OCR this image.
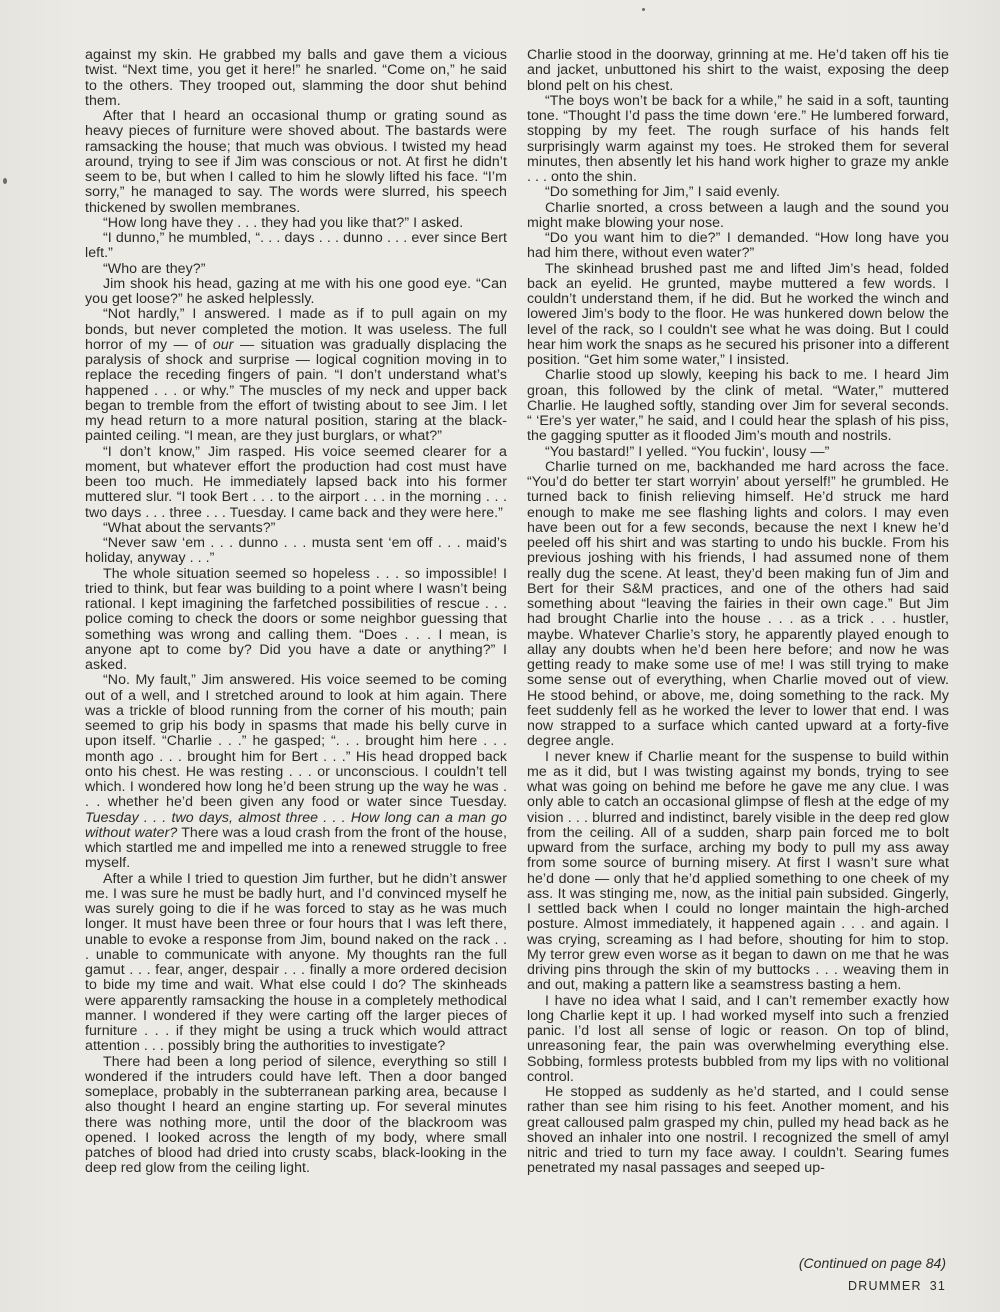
against my skin. He grabbed my balls and gave them a vicious twist. “Next time, you get it here!” he snarled. “Come on,” he said to the others. They trooped out, slamming the door shut behind them.

After that I heard an occasional thump or grating sound as heavy pieces of furniture were shoved about. The bastards were ramsacking the house; that much was obvious. I twisted my head around, trying to see if Jim was conscious or not. At first he didn’t seem to be, but when I called to him he slowly lifted his face. “I’m sorry,” he managed to say. The words were slurred, his speech thickened by swollen membranes.

“How long have they . . . they had you like that?” I asked.

“I dunno,” he mumbled, “. . . days . . . dunno . . . ever since Bert left.”

“Who are they?”

Jim shook his head, gazing at me with his one good eye. “Can you get loose?” he asked helplessly.

“Not hardly,” I answered. I made as if to pull again on my bonds, but never completed the motion. It was useless. The full horror of my — of our — situation was gradually displacing the paralysis of shock and surprise — logical cognition moving in to replace the receding fingers of pain. “I don’t understand what’s happened . . . or why.” The muscles of my neck and upper back began to tremble from the effort of twisting about to see Jim. I let my head return to a more natural position, staring at the black-painted ceiling. “I mean, are they just burglars, or what?”

“I don’t know,” Jim rasped. His voice seemed clearer for a moment, but whatever effort the production had cost must have been too much. He immediately lapsed back into his former muttered slur. “I took Bert . . . to the airport . . . in the morning . . . two days . . . three . . . Tuesday. I came back and they were here.”

“What about the servants?”

“Never saw ‘em . . . dunno . . . musta sent ‘em off . . . maid’s holiday, anyway . . .”

The whole situation seemed so hopeless . . . so impossible! I tried to think, but fear was building to a point where I wasn’t being rational. I kept imagining the farfetched possibilities of rescue . . . police coming to check the doors or some neighbor guessing that something was wrong and calling them. “Does . . . I mean, is anyone apt to come by? Did you have a date or anything?” I asked.

“No. My fault,” Jim answered. His voice seemed to be coming out of a well, and I stretched around to look at him again. There was a trickle of blood running from the corner of his mouth; pain seemed to grip his body in spasms that made his belly curve in upon itself. “Charlie . . .” he gasped; “. . . brought him here . . . month ago . . . brought him for Bert . . .” His head dropped back onto his chest. He was resting . . . or unconscious. I couldn’t tell which. I wondered how long he’d been strung up the way he was . . . whether he’d been given any food or water since Tuesday. Tuesday . . . two days, almost three . . . How long can a man go without water? There was a loud crash from the front of the house, which startled me and impelled me into a renewed struggle to free myself.

After a while I tried to question Jim further, but he didn’t answer me. I was sure he must be badly hurt, and I’d convinced myself he was surely going to die if he was forced to stay as he was much longer. It must have been three or four hours that I was left there, unable to evoke a response from Jim, bound naked on the rack . . . unable to communicate with anyone. My thoughts ran the full gamut . . . fear, anger, despair . . . finally a more ordered decision to bide my time and wait. What else could I do? The skinheads were apparently ramsacking the house in a completely methodical manner. I wondered if they were carting off the larger pieces of furniture . . . if they might be using a truck which would attract attention . . . possibly bring the authorities to investigate?

There had been a long period of silence, everything so still I wondered if the intruders could have left. Then a door banged someplace, probably in the subterranean parking area, because I also thought I heard an engine starting up. For several minutes there was nothing more, until the door of the blackroom was opened. I looked across the length of my body, where small patches of blood had dried into crusty scabs, black-looking in the deep red glow from the ceiling light.

Charlie stood in the doorway, grinning at me. He’d taken off his tie and jacket, unbuttoned his shirt to the waist, exposing the deep blond pelt on his chest.

“The boys won’t be back for a while,” he said in a soft, taunting tone. “Thought I’d pass the time down ‘ere.” He lumbered forward, stopping by my feet. The rough surface of his hands felt surprisingly warm against my toes. He stroked them for several minutes, then absently let his hand work higher to graze my ankle . . . onto the shin.

“Do something for Jim,” I said evenly.

Charlie snorted, a cross between a laugh and the sound you might make blowing your nose.

“Do you want him to die?” I demanded. “How long have you had him there, without even water?”

The skinhead brushed past me and lifted Jim’s head, folded back an eyelid. He grunted, maybe muttered a few words. I couldn’t understand them, if he did. But he worked the winch and lowered Jim’s body to the floor. He was hunkered down below the level of the rack, so I couldn't see what he was doing. But I could hear him work the snaps as he secured his prisoner into a different position. “Get him some water,” I insisted.

Charlie stood up slowly, keeping his back to me. I heard Jim groan, this followed by the clink of metal. “Water,” muttered Charlie. He laughed softly, standing over Jim for several seconds. “ ‘Ere’s yer water,” he said, and I could hear the splash of his piss, the gagging sputter as it flooded Jim’s mouth and nostrils.

“You bastard!” I yelled. “You fuckin‘, lousy —”

Charlie turned on me, backhanded me hard across the face. “You’d do better ter start worryin’ about yerself!” he grumbled. He turned back to finish relieving himself. He’d struck me hard enough to make me see flashing lights and colors. I may even have been out for a few seconds, because the next I knew he’d peeled off his shirt and was starting to undo his buckle. From his previous joshing with his friends, I had assumed none of them really dug the scene. At least, they’d been making fun of Jim and Bert for their S&M practices, and one of the others had said something about “leaving the fairies in their own cage.” But Jim had brought Charlie into the house . . . as a trick . . . hustler, maybe. Whatever Charlie’s story, he apparently played enough to allay any doubts when he’d been here before; and now he was getting ready to make some use of me! I was still trying to make some sense out of everything, when Charlie moved out of view. He stood behind, or above, me, doing something to the rack. My feet suddenly fell as he worked the lever to lower that end. I was now strapped to a surface which canted upward at a forty-five degree angle.

I never knew if Charlie meant for the suspense to build within me as it did, but I was twisting against my bonds, trying to see what was going on behind me before he gave me any clue. I was only able to catch an occasional glimpse of flesh at the edge of my vision . . . blurred and indistinct, barely visible in the deep red glow from the ceiling. All of a sudden, sharp pain forced me to bolt upward from the surface, arching my body to pull my ass away from some source of burning misery. At first I wasn’t sure what he’d done — only that he’d applied something to one cheek of my ass. It was stinging me, now, as the initial pain subsided. Gingerly, I settled back when I could no longer maintain the high-arched posture. Almost immediately, it happened again . . . and again. I was crying, screaming as I had before, shouting for him to stop. My terror grew even worse as it began to dawn on me that he was driving pins through the skin of my buttocks . . . weaving them in and out, making a pattern like a seamstress basting a hem.

I have no idea what I said, and I can’t remember exactly how long Charlie kept it up. I had worked myself into such a frenzied panic. I’d lost all sense of logic or reason. On top of blind, unreasoning fear, the pain was overwhelming everything else. Sobbing, formless protests bubbled from my lips with no volitional control.

He stopped as suddenly as he’d started, and I could sense rather than see him rising to his feet. Another moment, and his great calloused palm grasped my chin, pulled my head back as he shoved an inhaler into one nostril. I recognized the smell of amyl nitric and tried to turn my face away. I couldn’t. Searing fumes penetrated my nasal passages and seeped up-

(Continued on page 84)
DRUMMER 31
